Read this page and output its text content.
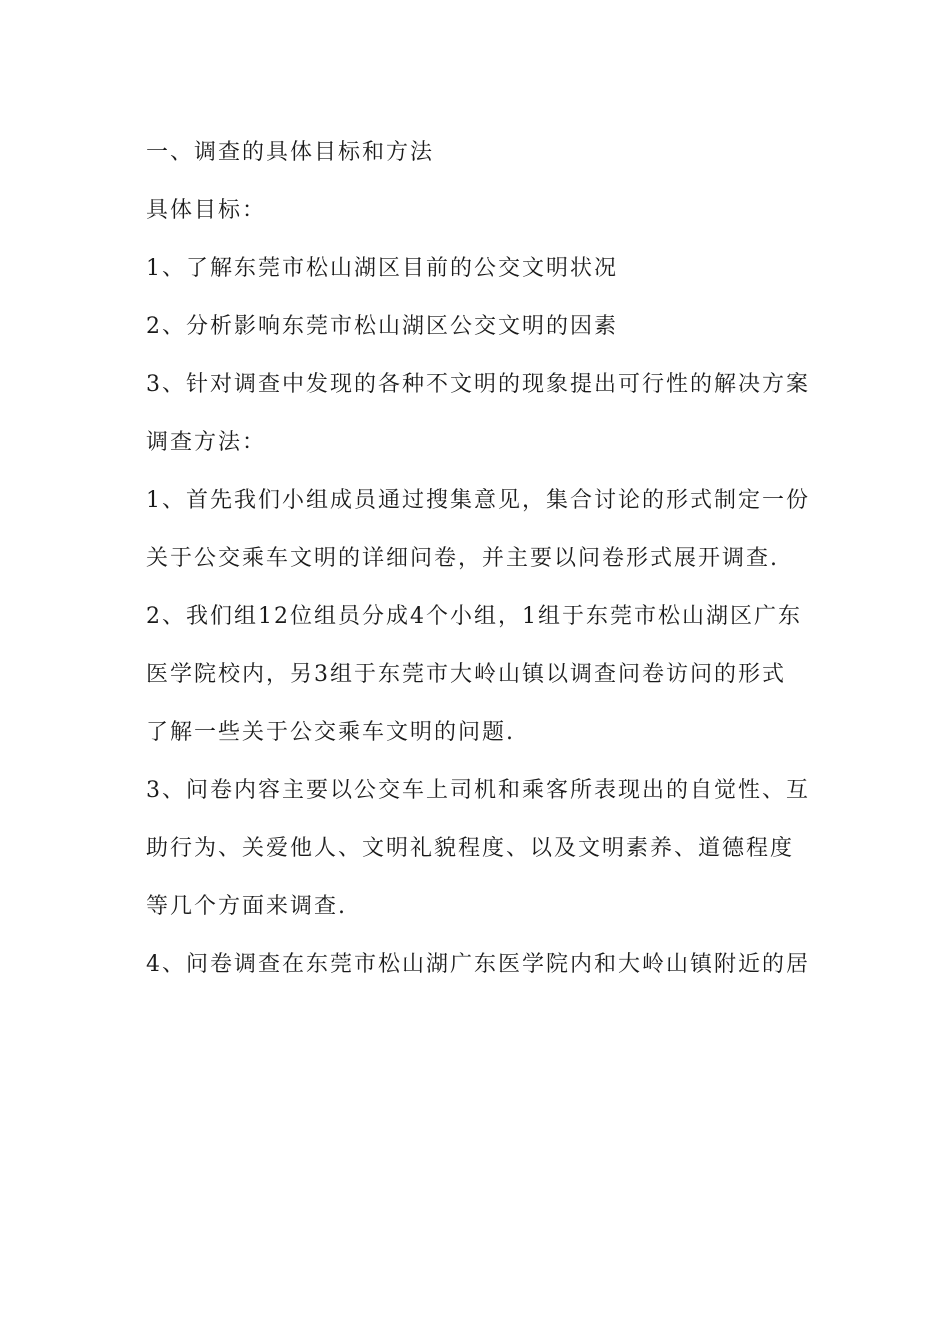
一、调查的具体目标和方法
具体目标：
1、了解东莞市松山湖区目前的公交文明状况
2、分析影响东莞市松山湖区公交文明的因素
3、针对调查中发现的各种不文明的现象提出可行性的解决方案
调查方法：
1、首先我们小组成员通过搜集意见，集合讨论的形式制定一份
关于公交乘车文明的详细问卷，并主要以问卷形式展开调查.
2、我们组12位组员分成4个小组，1组于东莞市松山湖区广东
医学院校内，另3组于东莞市大岭山镇以调查问卷访问的形式
了解一些关于公交乘车文明的问题.
3、问卷内容主要以公交车上司机和乘客所表现出的自觉性、互
助行为、关爱他人、文明礼貌程度、以及文明素养、道德程度
等几个方面来调查.
4、问卷调查在东莞市松山湖广东医学院内和大岭山镇附近的居
